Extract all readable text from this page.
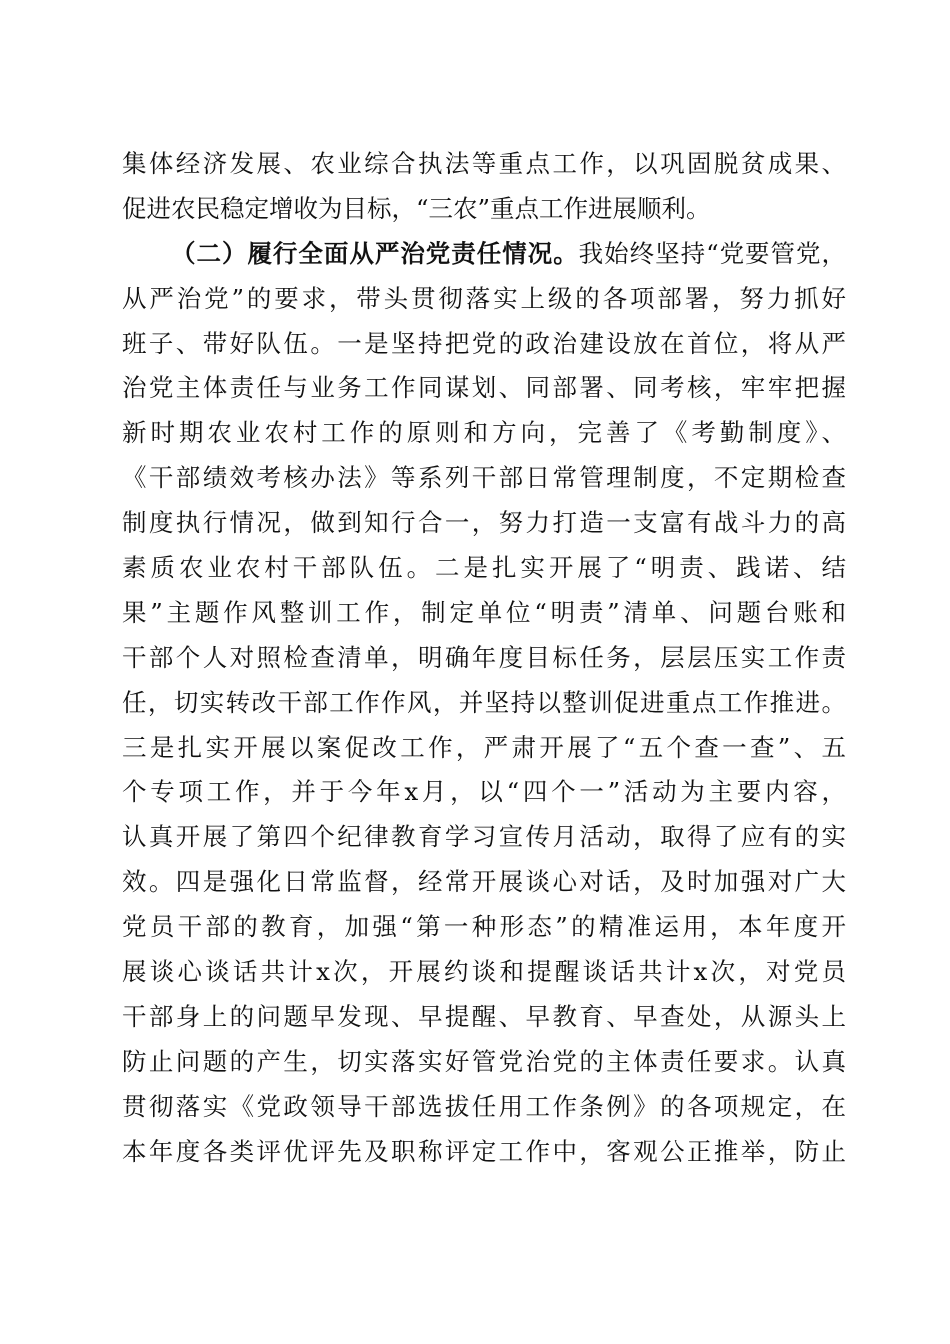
集体经济发展、农业综合执法等重点工作，以巩固脱贫成果、
促进农民稳定增收为目标，“三农”重点工作进展顺利。
（二）履行全面从严治党责任情况。我始终坚持“党要管党，
从严治党”的要求，带头贯彻落实上级的各项部署，努力抓好
班子、带好队伍。一是坚持把党的政治建设放在首位，将从严
治党主体责任与业务工作同谋划、同部署、同考核，牢牢把握
新时期农业农村工作的原则和方向，完善了《考勤制度》、
《干部绩效考核办法》等系列干部日常管理制度，不定期检查
制度执行情况，做到知行合一，努力打造一支富有战斗力的高
素质农业农村干部队伍。二是扎实开展了“明责、践诺、结
果”主题作风整训工作，制定单位“明责”清单、问题台账和
干部个人对照检查清单，明确年度目标任务，层层压实工作责
任，切实转改干部工作作风，并坚持以整训促进重点工作推进。
三是扎实开展以案促改工作，严肃开展了“五个查一查”、五
个专项工作，并于今年x月，以“四个一”活动为主要内容，
认真开展了第四个纪律教育学习宣传月活动，取得了应有的实
效。四是强化日常监督，经常开展谈心对话，及时加强对广大
党员干部的教育，加强“第一种形态”的精准运用，本年度开
展谈心谈话共计x次，开展约谈和提醒谈话共计x次，对党员
干部身上的问题早发现、早提醒、早教育、早查处，从源头上
防止问题的产生，切实落实好管党治党的主体责任要求。认真
贯彻落实《党政领导干部选拔任用工作条例》的各项规定，在
本年度各类评优评先及职称评定工作中，客观公正推举，防止
